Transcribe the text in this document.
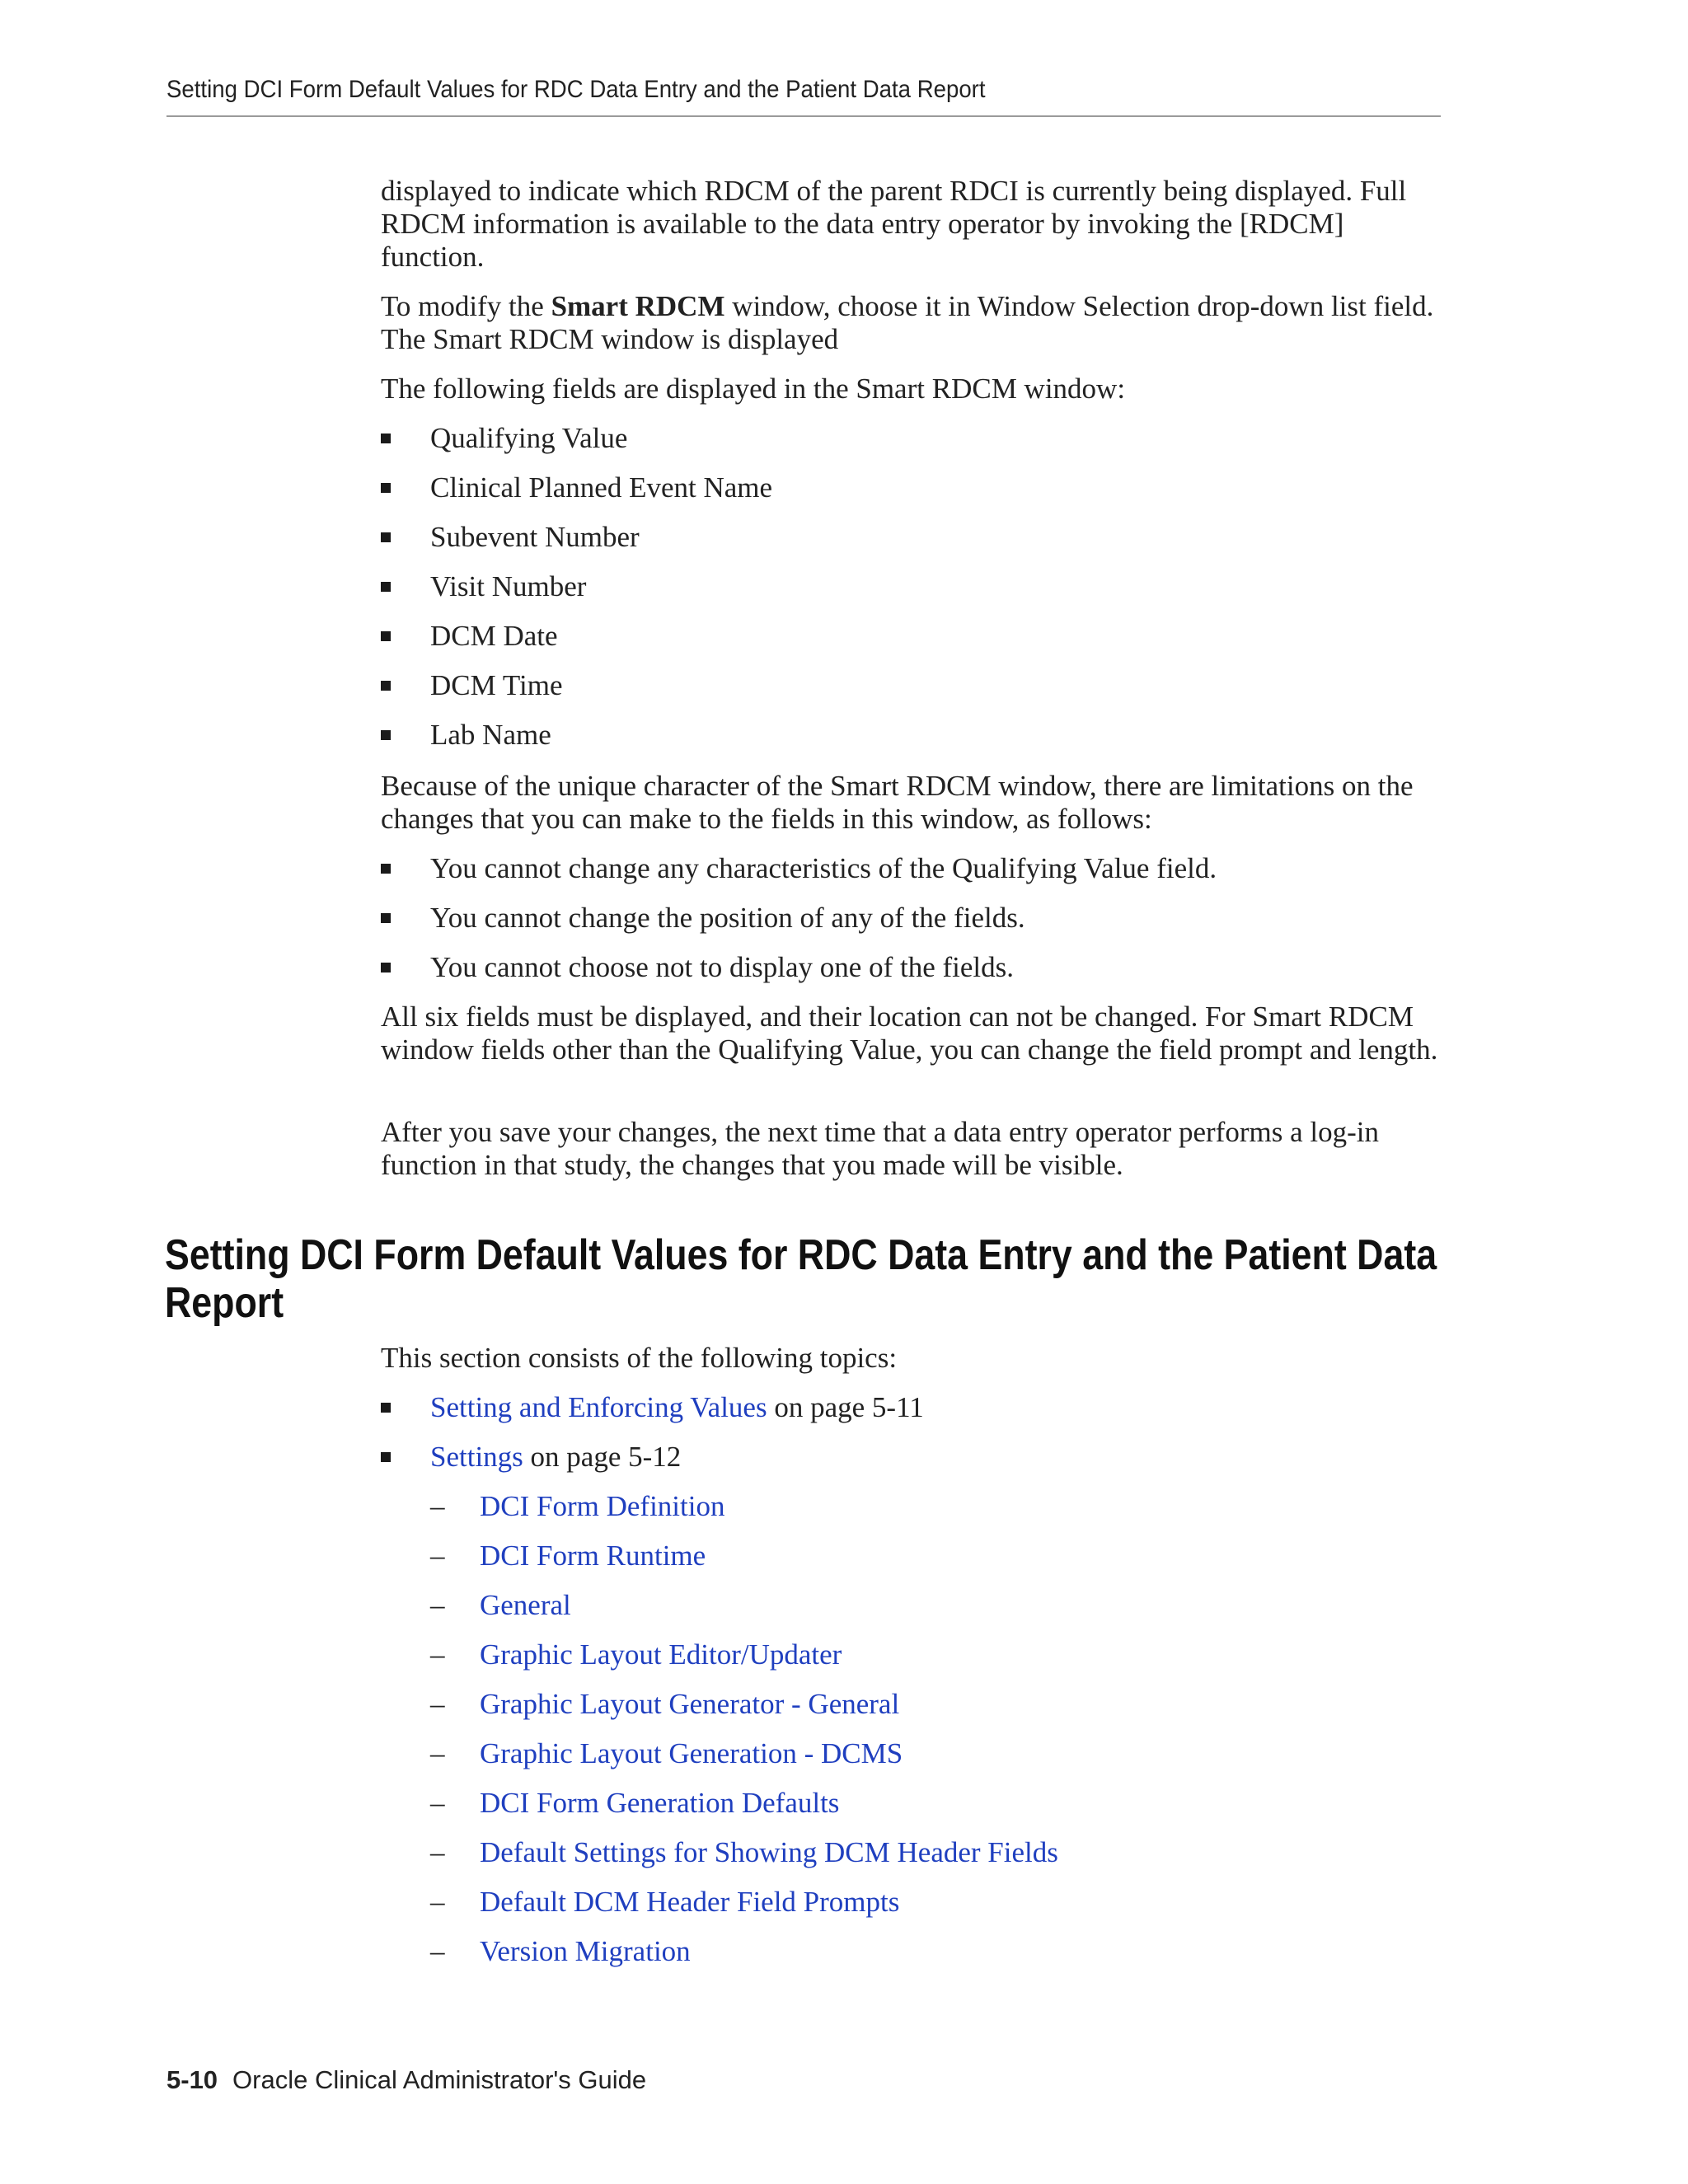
Setting DCI Form Default Values for RDC Data Entry and the Patient Data Report

displayed to indicate which RDCM of the parent RDCI is currently being displayed. Full RDCM information is available to the data entry operator by invoking the [RDCM] function.

To modify the Smart RDCM window, choose it in Window Selection drop-down list field. The Smart RDCM window is displayed

The following fields are displayed in the Smart RDCM window:

Qualifying Value
Clinical Planned Event Name
Subevent Number
Visit Number
DCM Date
DCM Time
Lab Name

Because of the unique character of the Smart RDCM window, there are limitations on the changes that you can make to the fields in this window, as follows:

You cannot change any characteristics of the Qualifying Value field.
You cannot change the position of any of the fields.
You cannot choose not to display one of the fields.

All six fields must be displayed, and their location can not be changed. For Smart RDCM window fields other than the Qualifying Value, you can change the field prompt and length.

After you save your changes, the next time that a data entry operator performs a log-in function in that study, the changes that you made will be visible.

Setting DCI Form Default Values for RDC Data Entry and the Patient Data Report

This section consists of the following topics:

Setting and Enforcing Values on page 5-11
Settings on page 5-12
– DCI Form Definition
– DCI Form Runtime
– General
– Graphic Layout Editor/Updater
– Graphic Layout Generator - General
– Graphic Layout Generation - DCMS
– DCI Form Generation Defaults
– Default Settings for Showing DCM Header Fields
– Default DCM Header Field Prompts
– Version Migration
5-10 Oracle Clinical Administrator's Guide
